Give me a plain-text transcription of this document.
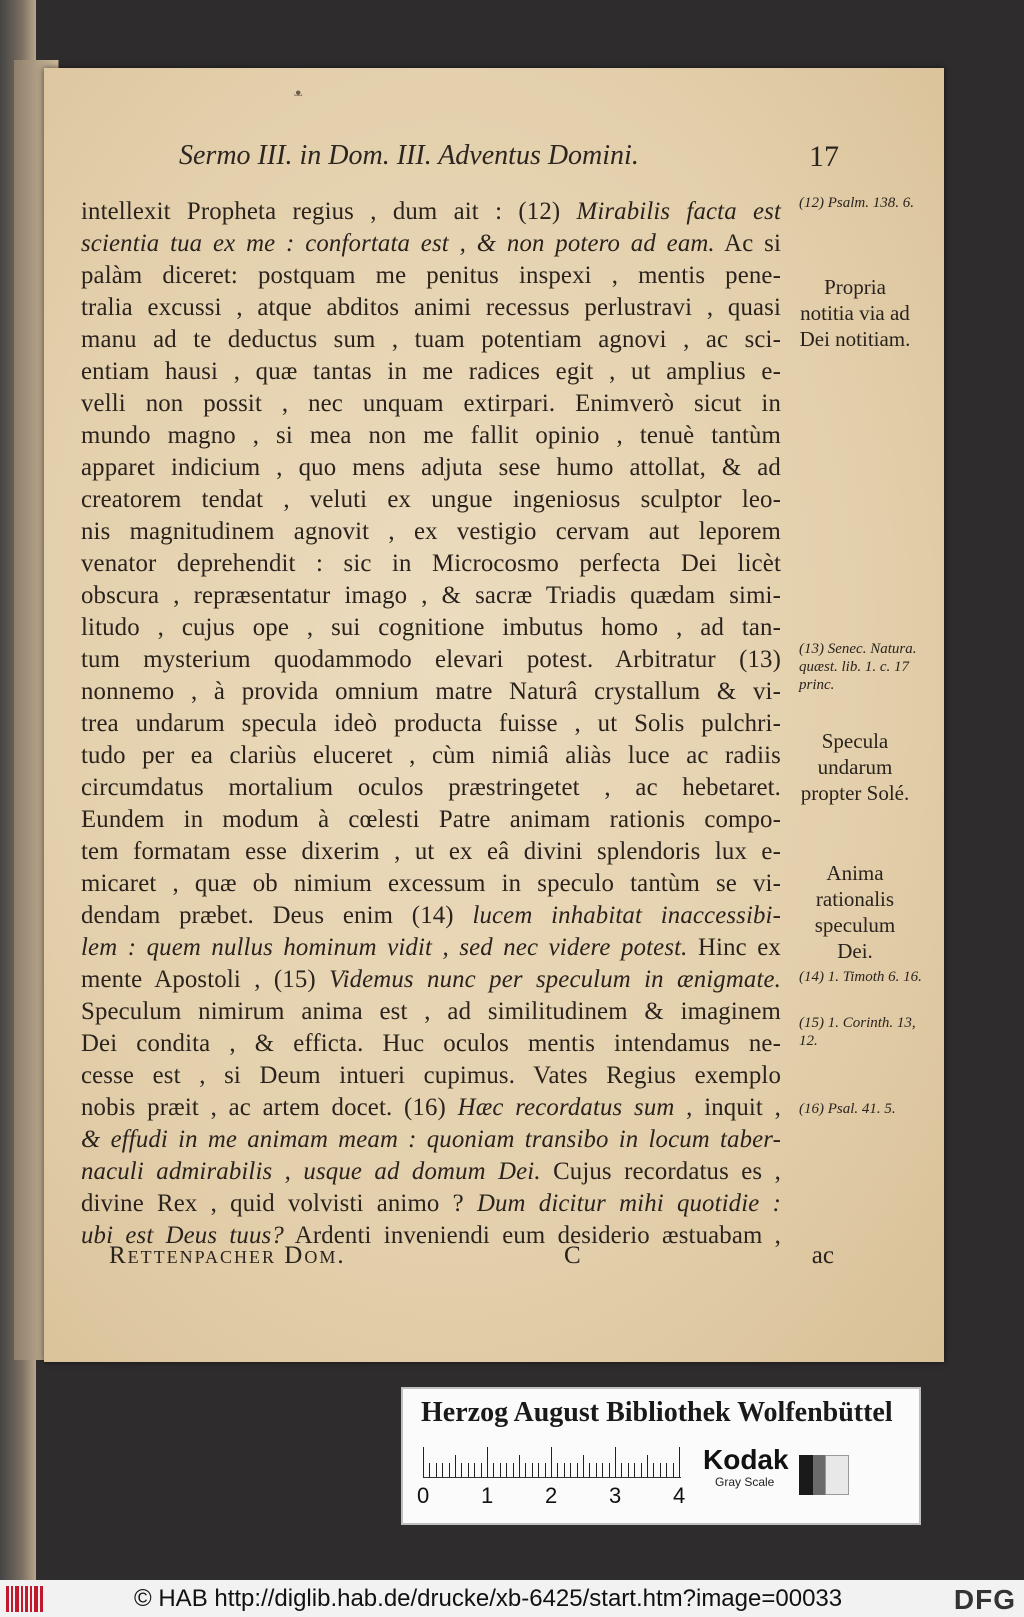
ᵜ
Sermo III. in Dom. III. Adventus Domini.	17
intellexit Propheta regius , dum ait : (12) Mirabilis facta est
scientia tua ex me : confortata est , & non potero ad eam. Ac si
palàm diceret: postquam me penitus inspexi , mentis pene-
tralia excussi , atque abditos animi recessus perlustravi , quasi
manu ad te deductus sum , tuam potentiam agnovi , ac sci-
entiam hausi , quæ tantas in me radices egit , ut amplius e-
velli non possit , nec unquam extirpari. Enimverò sicut in
mundo magno , si mea non me fallit opinio , tenuè tantùm
apparet indicium , quo mens adjuta sese humo attollat, & ad
creatorem tendat , veluti ex ungue ingeniosus sculptor leo-
nis magnitudinem agnovit , ex vestigio cervam aut leporem
venator deprehendit : sic in Microcosmo perfecta Dei licèt
obscura , repræsentatur imago , & sacræ Triadis quædam simi-
litudo , cujus ope , sui cognitione imbutus homo , ad tan-
tum mysterium quodammodo elevari potest. Arbitratur (13)
nonnemo , à provida omnium matre Naturâ crystallum & vi-
trea undarum specula ideò producta fuisse , ut Solis pulchri-
tudo per ea clariùs eluceret , cùm nimiâ aliàs luce ac radiis
circumdatus mortalium oculos præstringetet , ac hebetaret.
Eundem in modum à cœlesti Patre animam rationis compo-
tem formatam esse dixerim , ut ex eâ divini splendoris lux e-
micaret , quæ ob nimium excessum in speculo tantùm se vi-
dendam præbet. Deus enim (14) lucem inhabitat inaccessibi-
lem : quem nullus hominum vidit , sed nec videre potest. Hinc ex
mente Apostoli , (15) Videmus nunc per speculum in ænigmate.
Speculum nimirum anima est , ad similitudinem & imaginem
Dei condita , & efficta. Huc oculos mentis intendamus ne-
cesse est , si Deum intueri cupimus. Vates Regius exemplo
nobis præit , ac artem docet. (16) Hæc recordatus sum , inquit ,
& effudi in me animam meam : quoniam transibo in locum taber-
naculi admirabilis , usque ad domum Dei. Cujus recordatus es ,
divine Rex , quid volvisti animo ? Dum dicitur mihi quotidie :
ubi est Deus tuus? Ardenti inveniendi eum desiderio æstuabam ,
(12) Psalm. 138. 6.
Propria notitia via ad Dei notitiam.
(13) Senec. Natura. quæst. lib. 1. c. 17 princ.
Specula undarum propter Solé.
Anima rationalis speculum Dei.
(14) 1. Timoth 6. 16.
(15) 1. Corinth. 13, 12.
(16) Psal. 41. 5.
Rettenpacher Dom.	C	ac
Herzog August Bibliothek Wolfenbüttel
0 1 2 3 4
Kodak
Gray Scale
© HAB http://diglib.hab.de/drucke/xb-6425/start.htm?image=00033	DFG
